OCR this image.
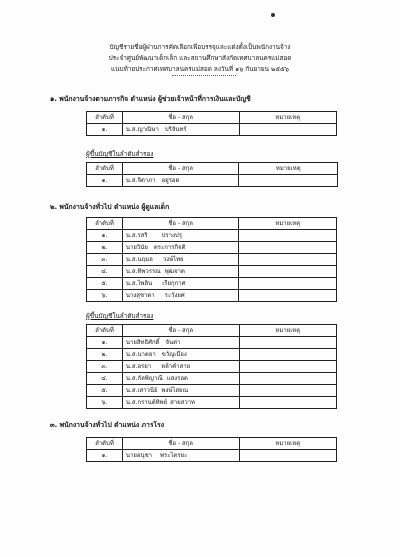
บัญชีรายชื่อผู้ผ่านการคัดเลือกเพื่อบรรจุและแต่งตั้งเป็นพนักงานจ้าง
ประจำศูนย์พัฒนาเด็กเล็ก และสถานศึกษาสังกัดเทศบาลนครแม่สอด
แนบท้ายประกาศเทศบาลนครแม่สอด ลงวันที่ ๑๖ กันยายน ๒๕๕๖
๑. พนักงานจ้างตามภารกิจ ตำแหน่ง ผู้ช่วยเจ้าหน้าที่การเงินและบัญชี
ลำดับที่	ชื่อ - สกุล	หมายเหตุ
๑.	น.ส.ญาณิษา บริจันทร์	
ผู้ขึ้นบัญชีในลำดับสำรอง
ลำดับที่	ชื่อ - สกุล	หมายเหตุ
๑.	น.ส.จิดาภา อยู่รอด	
๒. พนักงานจ้างทั่วไป ตำแหน่ง ผู้ดูแลเด็ก
ลำดับที่	ชื่อ - สกุล	หมายเหตุ
๑.	น.ส.รสริ ปรางปรุ	
๒.	นายวินัย ตระการกิจติ	
๓.	น.ส.นฤมล วงษ์ไทย	
๔.	น.ส.ทิพวรรณ พุฒจาด	
๕.	น.ส.ไพลิน เรียกุกาศ	
๖.	นางสุชาดา ระวังยศ	
ผู้ขึ้นบัญชีในลำดับสำรอง
ลำดับที่	ชื่อ - สกุล	หมายเหตุ
๑.	นายสิทธิศักดิ์ จันต่า	
๒.	น.ส.นาตยา ขวัญเมือง	
๓.	น.ส.อรยา หล้าคำสาย	
๔.	น.ส.กัลพิญาณี แสงรอด	
๕.	น.ส.เสาวนีย์ พงษ์ไสยณ	
๖.	น.ส.กรานต์ทิพย์ สายสวาท	
๓. พนักงานจ้างทั่วไป ตำแหน่ง ภารโรง
ลำดับที่	ชื่อ - สกุล	หมายเหตุ
๑.	นายอนุชา พระไตรยะ	
